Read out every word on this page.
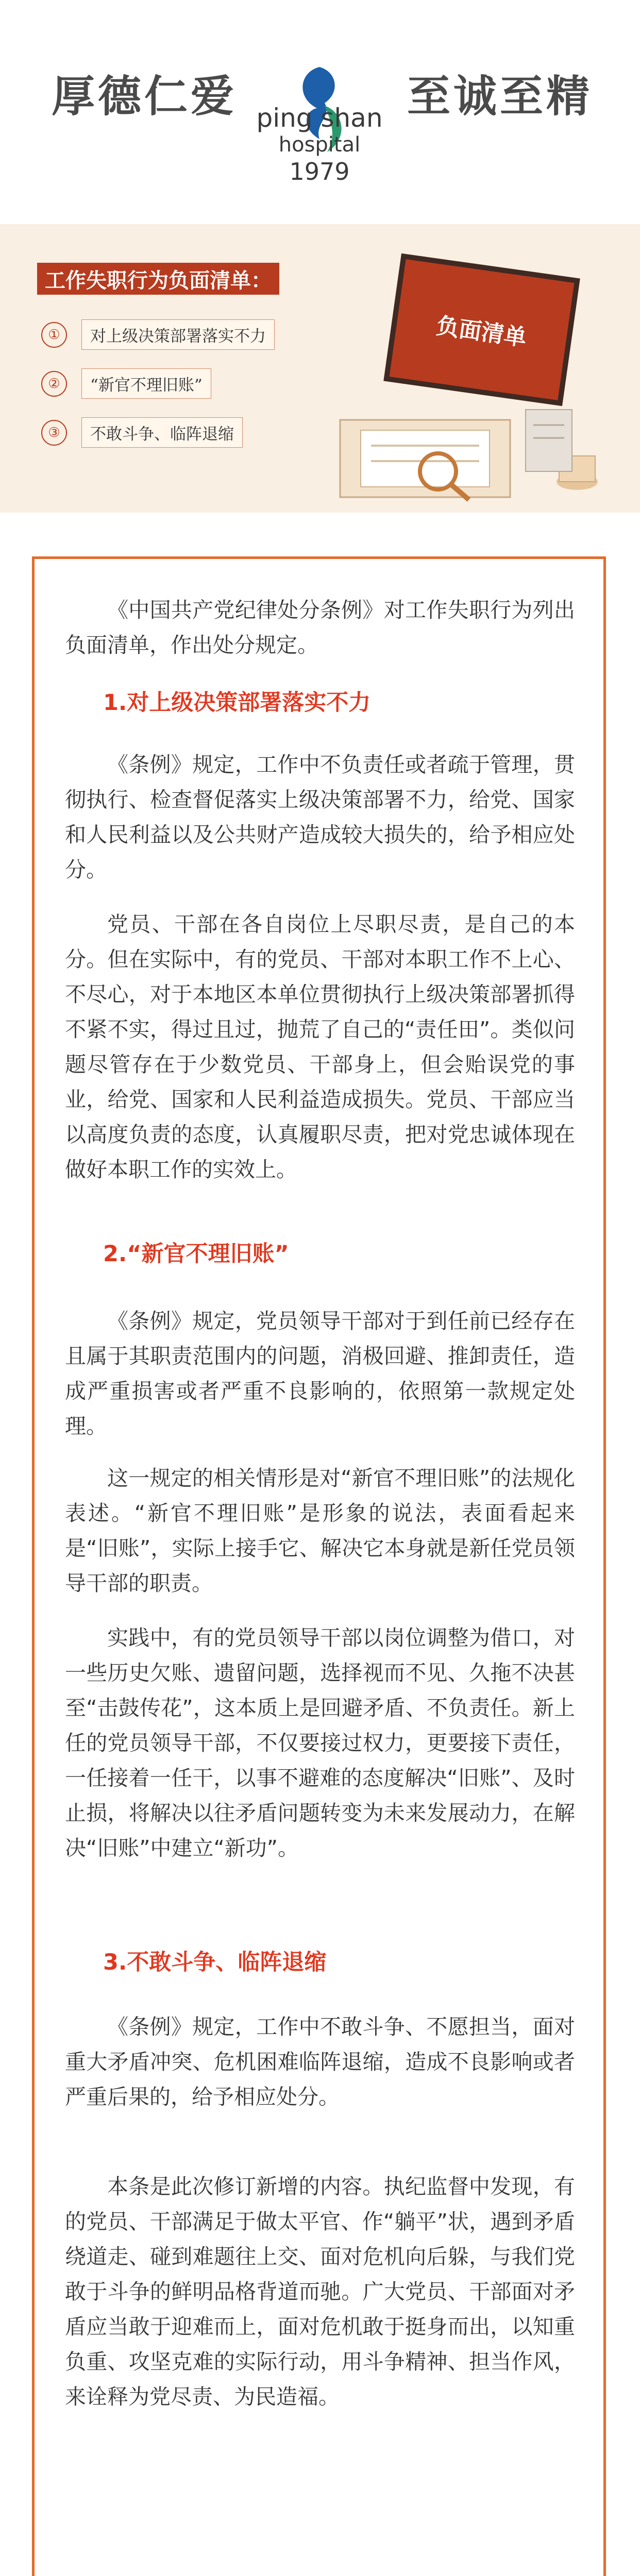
厚德仁爱 ping shan
hospital
1979
至诚至精
工作失职行为负面清单：
①	对上级决策部署落实不力
②	“新官不理旧账”
③	不敢斗争、临阵退缩
负面清单
《中国共产党纪律处分条例》对工作失职行为列出负面清单，作出处分规定。
1.对上级决策部署落实不力
《条例》规定，工作中不负责任或者疏于管理，贯彻执行、检查督促落实上级决策部署不力，给党、国家和人民利益以及公共财产造成较大损失的，给予相应处分。
党员、干部在各自岗位上尽职尽责，是自己的本分。但在实际中，有的党员、干部对本职工作不上心、不尽心，对于本地区本单位贯彻执行上级决策部署抓得不紧不实，得过且过，抛荒了自己的“责任田”。类似问题尽管存在于少数党员、干部身上，但会贻误党的事业，给党、国家和人民利益造成损失。党员、干部应当以高度负责的态度，认真履职尽责，把对党忠诚体现在做好本职工作的实效上。
2.“新官不理旧账”
《条例》规定，党员领导干部对于到任前已经存在且属于其职责范围内的问题，消极回避、推卸责任，造成严重损害或者严重不良影响的，依照第一款规定处理。
这一规定的相关情形是对“新官不理旧账”的法规化表述。“新官不理旧账”是形象的说法，表面看起来是“旧账”，实际上接手它、解决它本身就是新任党员领导干部的职责。
实践中，有的党员领导干部以岗位调整为借口，对一些历史欠账、遗留问题，选择视而不见、久拖不决甚至“击鼓传花”，这本质上是回避矛盾、不负责任。新上任的党员领导干部，不仅要接过权力，更要接下责任，一任接着一任干，以事不避难的态度解决“旧账”、及时止损，将解决以往矛盾问题转变为未来发展动力，在解决“旧账”中建立“新功”。
3.不敢斗争、临阵退缩
《条例》规定，工作中不敢斗争、不愿担当，面对重大矛盾冲突、危机困难临阵退缩，造成不良影响或者严重后果的，给予相应处分。
本条是此次修订新增的内容。执纪监督中发现，有的党员、干部满足于做太平官、作“躺平”状，遇到矛盾绕道走、碰到难题往上交、面对危机向后躲，与我们党敢于斗争的鲜明品格背道而驰。广大党员、干部面对矛盾应当敢于迎难而上，面对危机敢于挺身而出，以知重负重、攻坚克难的实际行动，用斗争精神、担当作风，来诠释为党尽责、为民造福。
